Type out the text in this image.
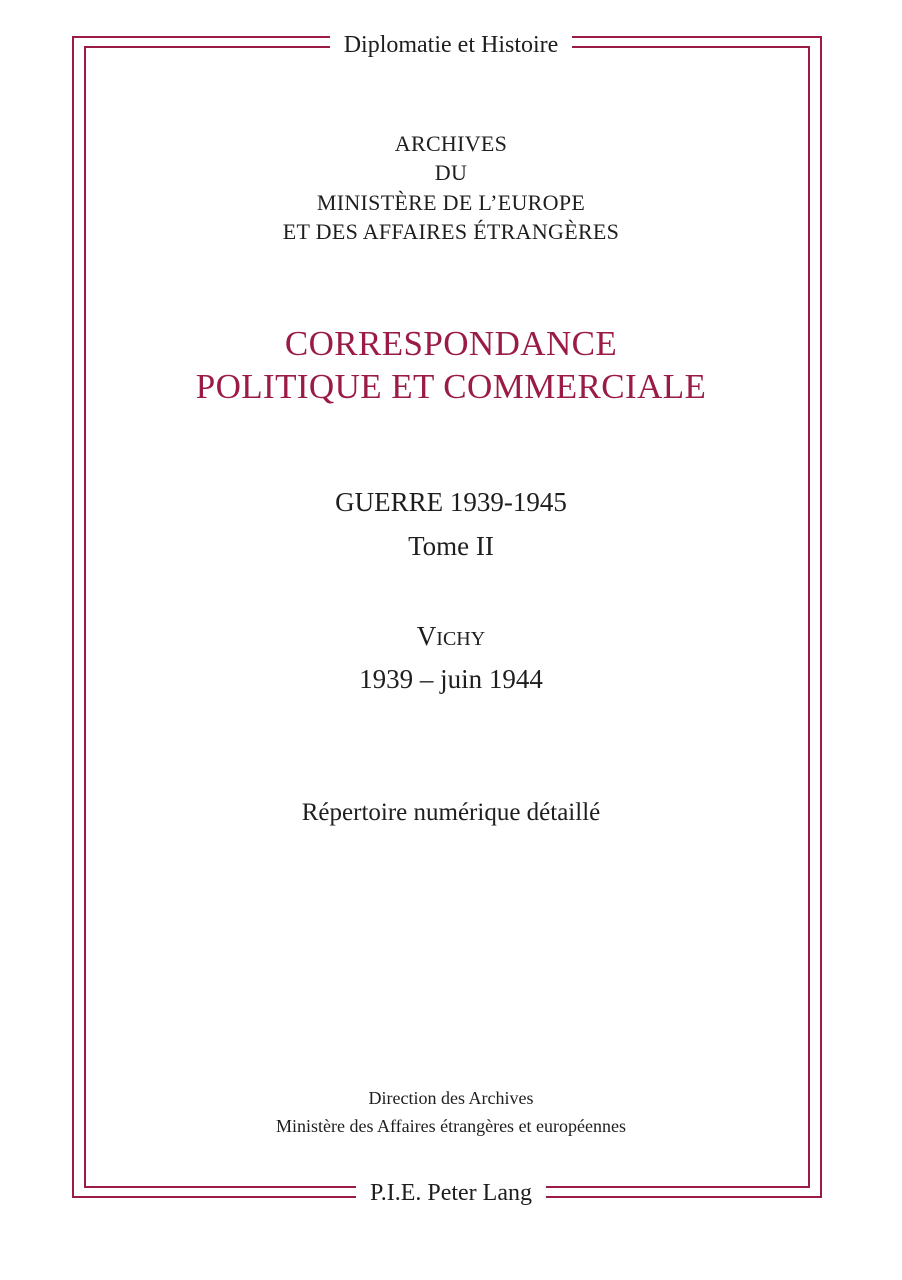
Diplomatie et Histoire
ARCHIVES
DU
MINISTÈRE DE L’EUROPE
ET DES AFFAIRES ÉTRANGÈRES
CORRESPONDANCE
POLITIQUE ET COMMERCIALE
GUERRE 1939-1945
Tome II
VICHY
1939 – juin 1944
Répertoire numérique détaillé
Direction des Archives
Ministère des Affaires étrangères et européennes
P.I.E. Peter Lang
